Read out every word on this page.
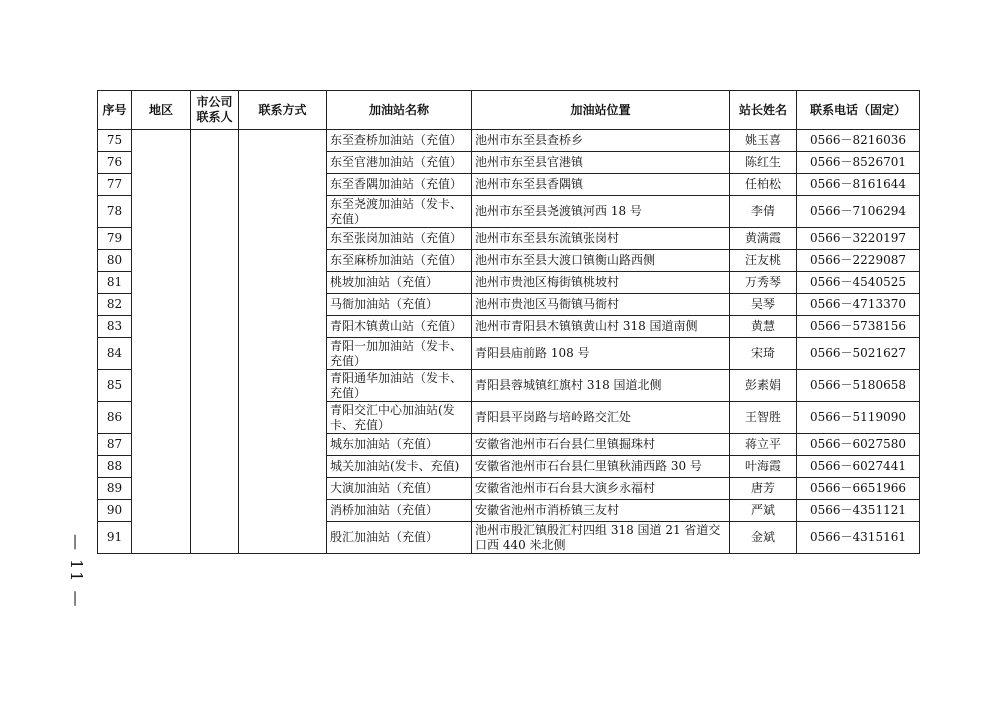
序号	地区	市公司联系人	联系方式	加油站名称	加油站位置	站长姓名	联系电话（固定）
75				东至查桥加油站（充值）	池州市东至县查桥乡	姚玉喜	0566－8216036
76				东至官港加油站（充值）	池州市东至县官港镇	陈红生	0566－8526701
77				东至香隅加油站（充值）	池州市东至县香隅镇	任柏松	0566－8161644
78				东至尧渡加油站（发卡、充值）	池州市东至县尧渡镇河西 18 号	李倩	0566－7106294
79				东至张岗加油站（充值）	池州市东至县东流镇张岗村	黄满霞	0566－3220197
80				东至麻桥加油站（充值）	池州市东至县大渡口镇衡山路西侧	汪友桃	0566－2229087
81				桃坡加油站（充值）	池州市贵池区梅街镇桃坡村	万秀琴	0566－4540525
82				马衙加油站（充值）	池州市贵池区马衙镇马衙村	吴琴	0566－4713370
83				青阳木镇黄山站（充值）	池州市青阳县木镇镇黄山村 318 国道南侧	黄慧	0566－5738156
84				青阳一加加油站（发卡、充值）	青阳县庙前路 108 号	宋琦	0566－5021627
85				青阳通华加油站（发卡、充值）	青阳县蓉城镇红旗村 318 国道北侧	彭素娟	0566－5180658
86				青阳交汇中心加油站(发卡、充值）	青阳县平岗路与培岭路交汇处	王智胜	0566－5119090
87				城东加油站（充值）	安徽省池州市石台县仁里镇掘珠村	蒋立平	0566－6027580
88				城关加油站(发卡、充值)	安徽省池州市石台县仁里镇秋浦西路 30 号	叶海霞	0566－6027441
89				大演加油站（充值）	安徽省池州市石台县大演乡永福村	唐芳	0566－6651966
90				消桥加油站（充值）	安徽省池州市消桥镇三友村	严斌	0566－4351121
91				殷汇加油站（充值）	池州市殷汇镇殷汇村四组 318 国道 21 省道交口西 440 米北侧	金斌	0566－4315161
— 11 —
